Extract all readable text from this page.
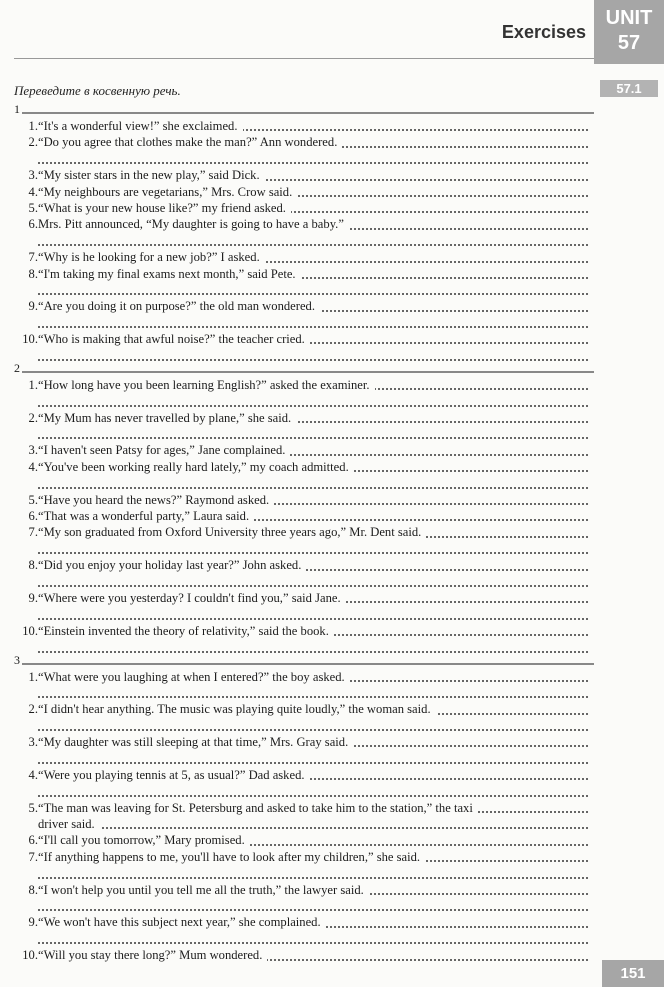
UNIT
57
Exercises
57.1
Переведите в косвенную речь.
1
1. “It's a wonderful view!” she exclaimed.
2. “Do you agree that clothes make the man?” Ann wondered.
3. “My sister stars in the new play,” said Dick.
4. “My neighbours are vegetarians,” Mrs. Crow said.
5. “What is your new house like?” my friend asked.
6. Mrs. Pitt announced, “My daughter is going to have a baby.”
7. “Why is he looking for a new job?” I asked.
8. “I'm taking my final exams next month,” said Pete.
9. “Are you doing it on purpose?” the old man wondered.
10. “Who is making that awful noise?” the teacher cried.
2
1. “How long have you been learning English?” asked the examiner.
2. “My Mum has never travelled by plane,” she said.
3. “I haven't seen Patsy for ages,” Jane complained.
4. “You've been working really hard lately,” my coach admitted.
5. “Have you heard the news?” Raymond asked.
6. “That was a wonderful party,” Laura said.
7. “My son graduated from Oxford University three years ago,” Mr. Dent said.
8. “Did you enjoy your holiday last year?” John asked.
9. “Where were you yesterday? I couldn't find you,” said Jane.
10. “Einstein invented the theory of relativity,” said the book.
3
1. “What were you laughing at when I entered?” the boy asked.
2. “I didn't hear anything. The music was playing quite loudly,” the woman said.
3. “My daughter was still sleeping at that time,” Mrs. Gray said.
4. “Were you playing tennis at 5, as usual?” Dad asked.
5. “The man was leaving for St. Petersburg and asked to take him to the station,” the taxi
driver said.
6. “I'll call you tomorrow,” Mary promised.
7. “If anything happens to me, you'll have to look after my children,” she said.
8. “I won't help you until you tell me all the truth,” the lawyer said.
9. “We won't have this subject next year,” she complained.
10. “Will you stay there long?” Mum wondered.
151
